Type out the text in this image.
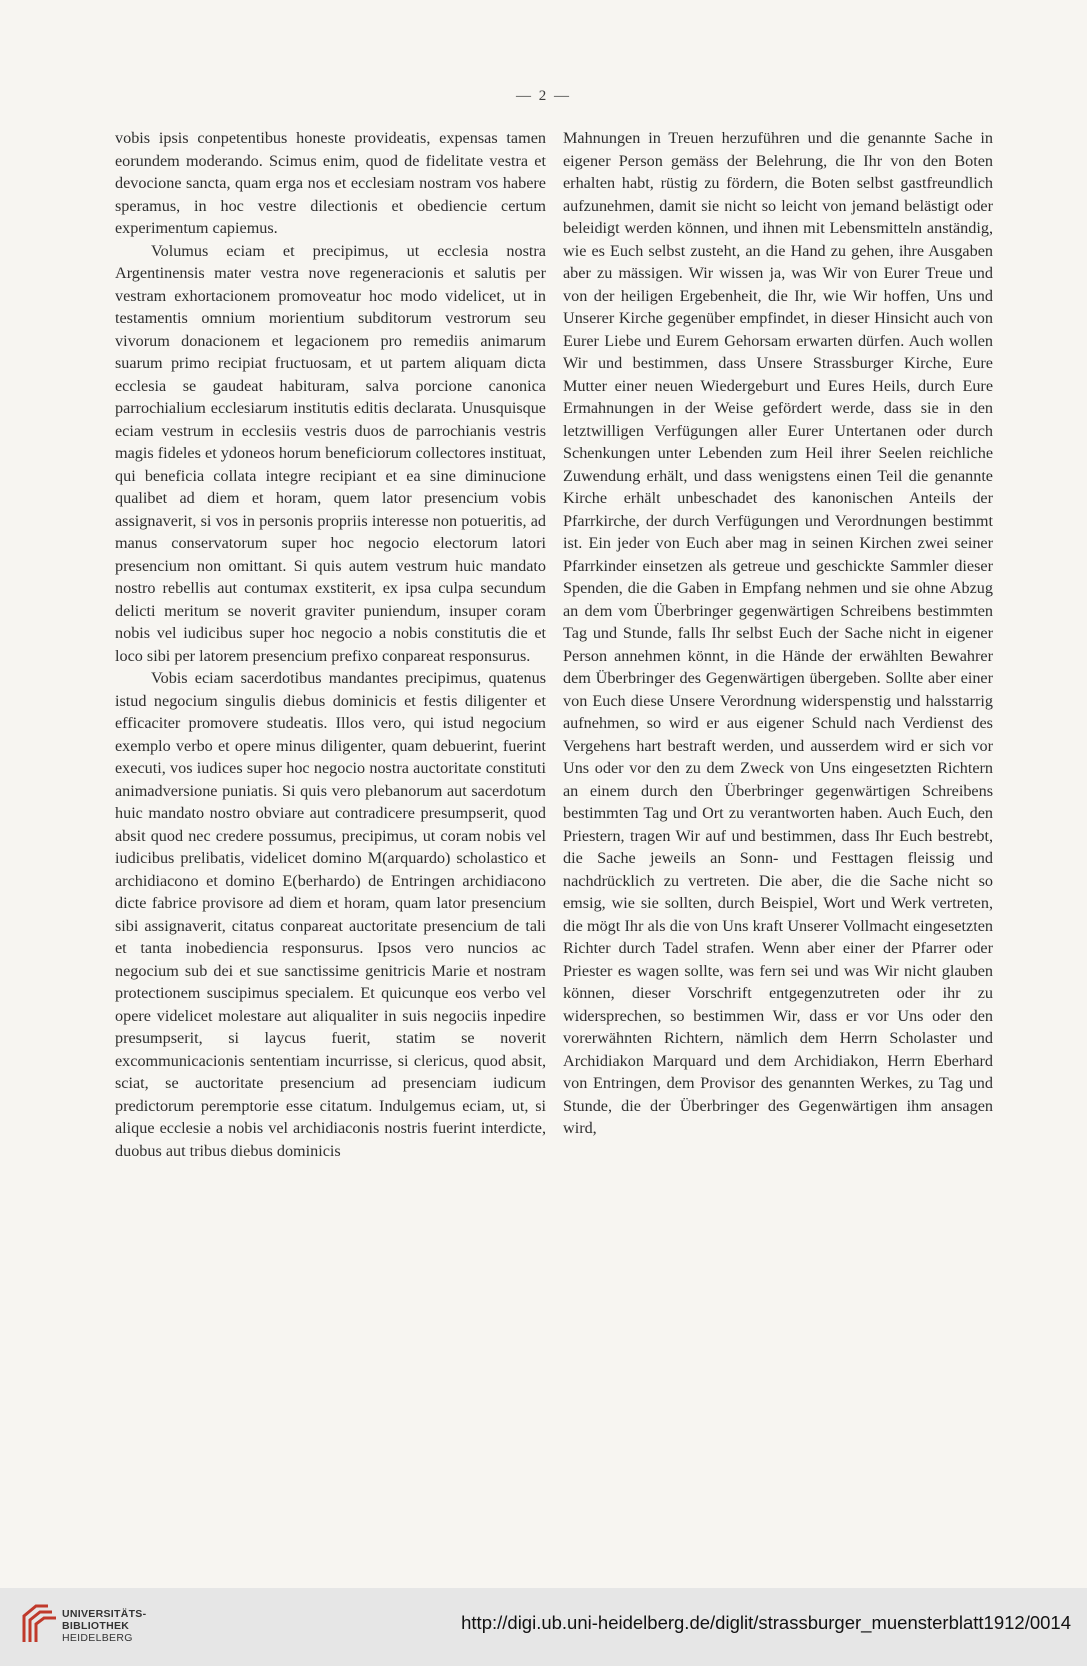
— 2 —

vobis ipsis conpetentibus honeste provideatis, expensas tamen eorundem moderando. Scimus enim, quod de fidelitate vestra et devocione sancta, quam erga nos et ecclesiam nostram vos habere speramus, in hoc vestre dilectionis et obediencie certum experimentum capiemus.

Volumus eciam et precipimus, ut ecclesia nostra Argentinensis mater vestra nove regeneracionis et salutis per vestram exhortacionem promoveatur hoc modo videlicet, ut in testamentis omnium morientium subditorum vestrorum seu vivorum donacionem et legacionem pro remediis animarum suarum primo recipiat fructuosam, et ut partem aliquam dicta ecclesia se gaudeat habituram, salva porcione canonica parrochialium ecclesiarum institutis editis declarata. Unusquisque eciam vestrum in ecclesiis vestris duos de parrochianis vestris magis fideles et ydoneos horum beneficiorum collectores instituat, qui beneficia collata integre recipiant et ea sine diminucione qualibet ad diem et horam, quem lator presencium vobis assignaverit, si vos in personis propriis interesse non potueritis, ad manus conservatorum super hoc negocio electorum latori presencium non omittant. Si quis autem vestrum huic mandato nostro rebellis aut contumax exstiterit, ex ipsa culpa secundum delicti meritum se noverit graviter puniendum, insuper coram nobis vel iudicibus super hoc negocio a nobis constitutis die et loco sibi per latorem presencium prefixo conpareat responsurus.

Vobis eciam sacerdotibus mandantes precipimus, quatenus istud negocium singulis diebus dominicis et festis diligenter et efficaciter promovere studeatis. Illos vero, qui istud negocium exemplo verbo et opere minus diligenter, quam debuerint, fuerint executi, vos iudices super hoc negocio nostra auctoritate constituti animadversione puniatis. Si quis vero plebanorum aut sacerdotum huic mandato nostro obviare aut contradicere presumpserit, quod absit quod nec credere possumus, precipimus, ut coram nobis vel iudicibus prelibatis, videlicet domino M(arquardo) scholastico et archidiacono et domino E(berhardo) de Entringen archidiacono dicte fabrice provisore ad diem et horam, quam lator presencium sibi assignaverit, citatus conpareat auctoritate presencium de tali et tanta inobediencia responsurus. Ipsos vero nuncios ac negocium sub dei et sue sanctissime genitricis Marie et nostram protectionem suscipimus specialem. Et quicunque eos verbo vel opere videlicet molestare aut aliqualiter in suis negociis inpedire presumpserit, si laycus fuerit, statim se noverit excommunicacionis sententiam incurrisse, si clericus, quod absit, sciat, se auctoritate presencium ad presenciam iudicum predictorum peremptorie esse citatum. Indulgemus eciam, ut, si alique ecclesie a nobis vel archidiaconis nostris fuerint interdicte, duobus aut tribus diebus dominicis

Mahnungen in Treuen herzuführen und die genannte Sache in eigener Person gemäss der Belehrung, die Ihr von den Boten erhalten habt, rüstig zu fördern, die Boten selbst gastfreundlich aufzunehmen, damit sie nicht so leicht von jemand belästigt oder beleidigt werden können, und ihnen mit Lebensmitteln anständig, wie es Euch selbst zusteht, an die Hand zu gehen, ihre Ausgaben aber zu mässigen. Wir wissen ja, was Wir von Eurer Treue und von der heiligen Ergebenheit, die Ihr, wie Wir hoffen, Uns und Unserer Kirche gegenüber empfindet, in dieser Hinsicht auch von Eurer Liebe und Eurem Gehorsam erwarten dürfen. Auch wollen Wir und bestimmen, dass Unsere Strassburger Kirche, Eure Mutter einer neuen Wiedergeburt und Eures Heils, durch Eure Ermahnungen in der Weise gefördert werde, dass sie in den letztwilligen Verfügungen aller Eurer Untertanen oder durch Schenkungen unter Lebenden zum Heil ihrer Seelen reichliche Zuwendung erhält, und dass wenigstens einen Teil die genannte Kirche erhält unbeschadet des kanonischen Anteils der Pfarrkirche, der durch Verfügungen und Verordnungen bestimmt ist. Ein jeder von Euch aber mag in seinen Kirchen zwei seiner Pfarrkinder einsetzen als getreue und geschickte Sammler dieser Spenden, die die Gaben in Empfang nehmen und sie ohne Abzug an dem vom Überbringer gegenwärtigen Schreibens bestimmten Tag und Stunde, falls Ihr selbst Euch der Sache nicht in eigener Person annehmen könnt, in die Hände der erwählten Bewahrer dem Überbringer des Gegenwärtigen übergeben. Sollte aber einer von Euch diese Unsere Verordnung widerspenstig und halsstarrig aufnehmen, so wird er aus eigener Schuld nach Verdienst des Vergehens hart bestraft werden, und ausserdem wird er sich vor Uns oder vor den zu dem Zweck von Uns eingesetzten Richtern an einem durch den Überbringer gegenwärtigen Schreibens bestimmten Tag und Ort zu verantworten haben. Auch Euch, den Priestern, tragen Wir auf und bestimmen, dass Ihr Euch bestrebt, die Sache jeweils an Sonn- und Festtagen fleissig und nachdrücklich zu vertreten. Die aber, die die Sache nicht so emsig, wie sie sollten, durch Beispiel, Wort und Werk vertreten, die mögt Ihr als die von Uns kraft Unserer Vollmacht eingesetzten Richter durch Tadel strafen. Wenn aber einer der Pfarrer oder Priester es wagen sollte, was fern sei und was Wir nicht glauben können, dieser Vorschrift entgegenzutreten oder ihr zu widersprechen, so bestimmen Wir, dass er vor Uns oder den vorerwähnten Richtern, nämlich dem Herrn Scholaster und Archidiakon Marquard und dem Archidiakon, Herrn Eberhard von Entringen, dem Provisor des genannten Werkes, zu Tag und Stunde, die der Überbringer des Gegenwärtigen ihm ansagen wird,

UNIVERSITÄTS-
BIBLIOTHEK
HEIDELBERG
http://digi.ub.uni-heidelberg.de/diglit/strassburger_muensterblatt1912/0014
